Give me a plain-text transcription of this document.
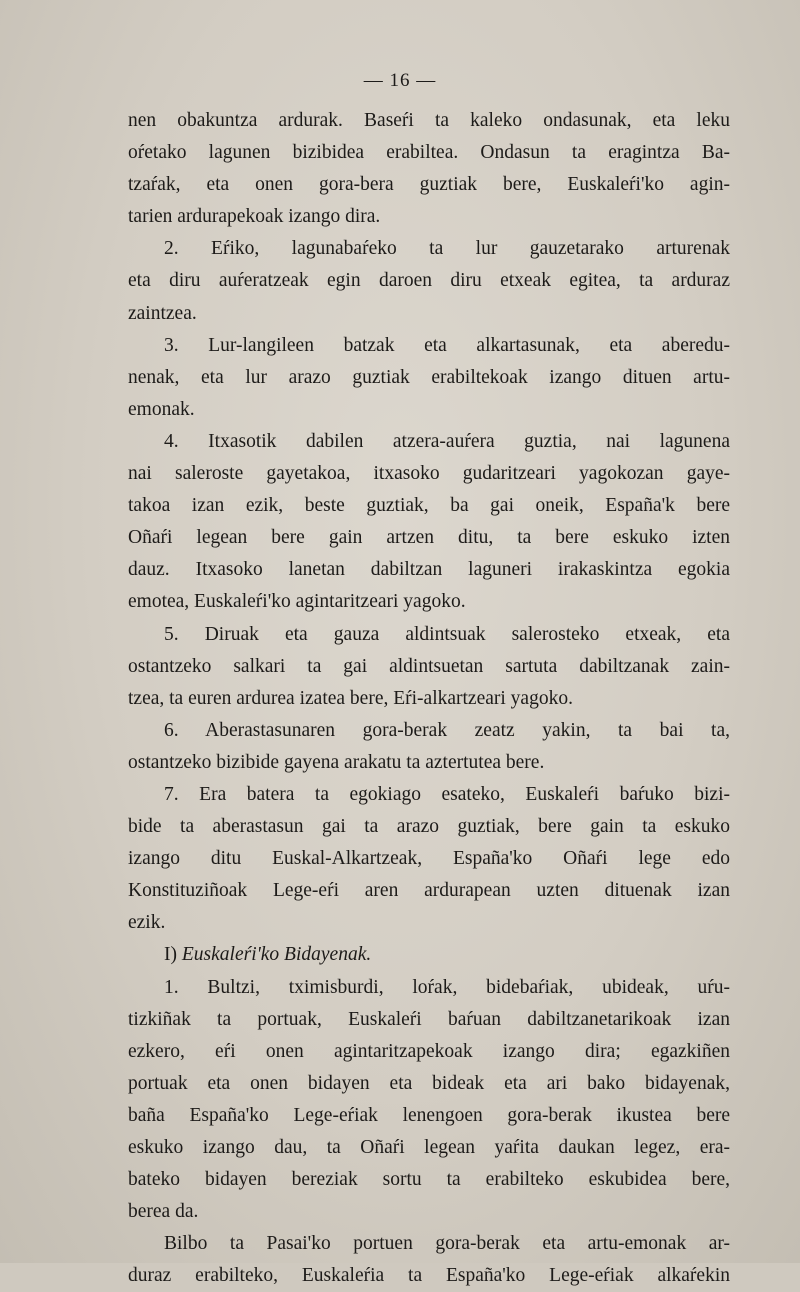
— 16 —
nen obakuntza ardurak. Baseŕi ta kaleko ondasunak, eta leku
oŕetako lagunen bizibidea erabiltea. Ondasun ta eragintza Ba-
tzaŕak, eta onen gora-bera guztiak bere, Euskaleŕi'ko agin-
tarien ardurapekoak izango dira.
2. Eŕiko, lagunabaŕeko ta lur gauzetarako arturenak
eta diru auŕeratzeak egin daroen diru etxeak egitea, ta arduraz
zaintzea.
3. Lur-langileen batzak eta alkartasunak, eta aberedu-
nenak, eta lur arazo guztiak erabiltekoak izango dituen artu-
emonak.
4. Itxasotik dabilen atzera-auŕera guztia, nai lagunena
nai saleroste gayetakoa, itxasoko gudaritzeari yagokozan gaye-
takoa izan ezik, beste guztiak, ba gai oneik, España'k bere
Oñaŕi legean bere gain artzen ditu, ta bere eskuko izten
dauz. Itxasoko lanetan dabiltzan laguneri irakaskintza egokia
emotea, Euskaleŕi'ko agintaritzeari yagoko.
5. Diruak eta gauza aldintsuak salerosteko etxeak, eta
ostantzeko salkari ta gai aldintsuetan sartuta dabiltzanak zain-
tzea, ta euren ardurea izatea bere, Eŕi-alkartzeari yagoko.
6. Aberastasunaren gora-berak zeatz yakin, ta bai ta,
ostantzeko bizibide gayena arakatu ta aztertutea bere.
7. Era batera ta egokiago esateko, Euskaleŕi baŕuko bizi-
bide ta aberastasun gai ta arazo guztiak, bere gain ta eskuko
izango ditu Euskal-Alkartzeak, España'ko Oñaŕi lege edo
Konstituziñoak Lege-eŕi aren ardurapean uzten dituenak izan
ezik.
I) Euskaleŕi'ko Bidayenak.
1. Bultzi, tximisburdi, loŕak, bidebaŕiak, ubideak, uŕu-
tizkiñak ta portuak, Euskaleŕi baŕuan dabiltzanetarikoak izan
ezkero, eŕi onen agintaritzapekoak izango dira; egazkiñen
portuak eta onen bidayen eta bideak eta ari bako bidayenak,
baña España'ko Lege-eŕiak lenengoen gora-berak ikustea bere
eskuko izango dau, ta Oñaŕi legean yaŕita daukan legez, era-
bateko bidayen bereziak sortu ta erabilteko eskubidea bere,
berea da.
Bilbo ta Pasai'ko portuen gora-berak eta artu-emonak ar-
duraz erabilteko, Euskaleŕia ta España'ko Lege-eŕiak alkaŕekin
